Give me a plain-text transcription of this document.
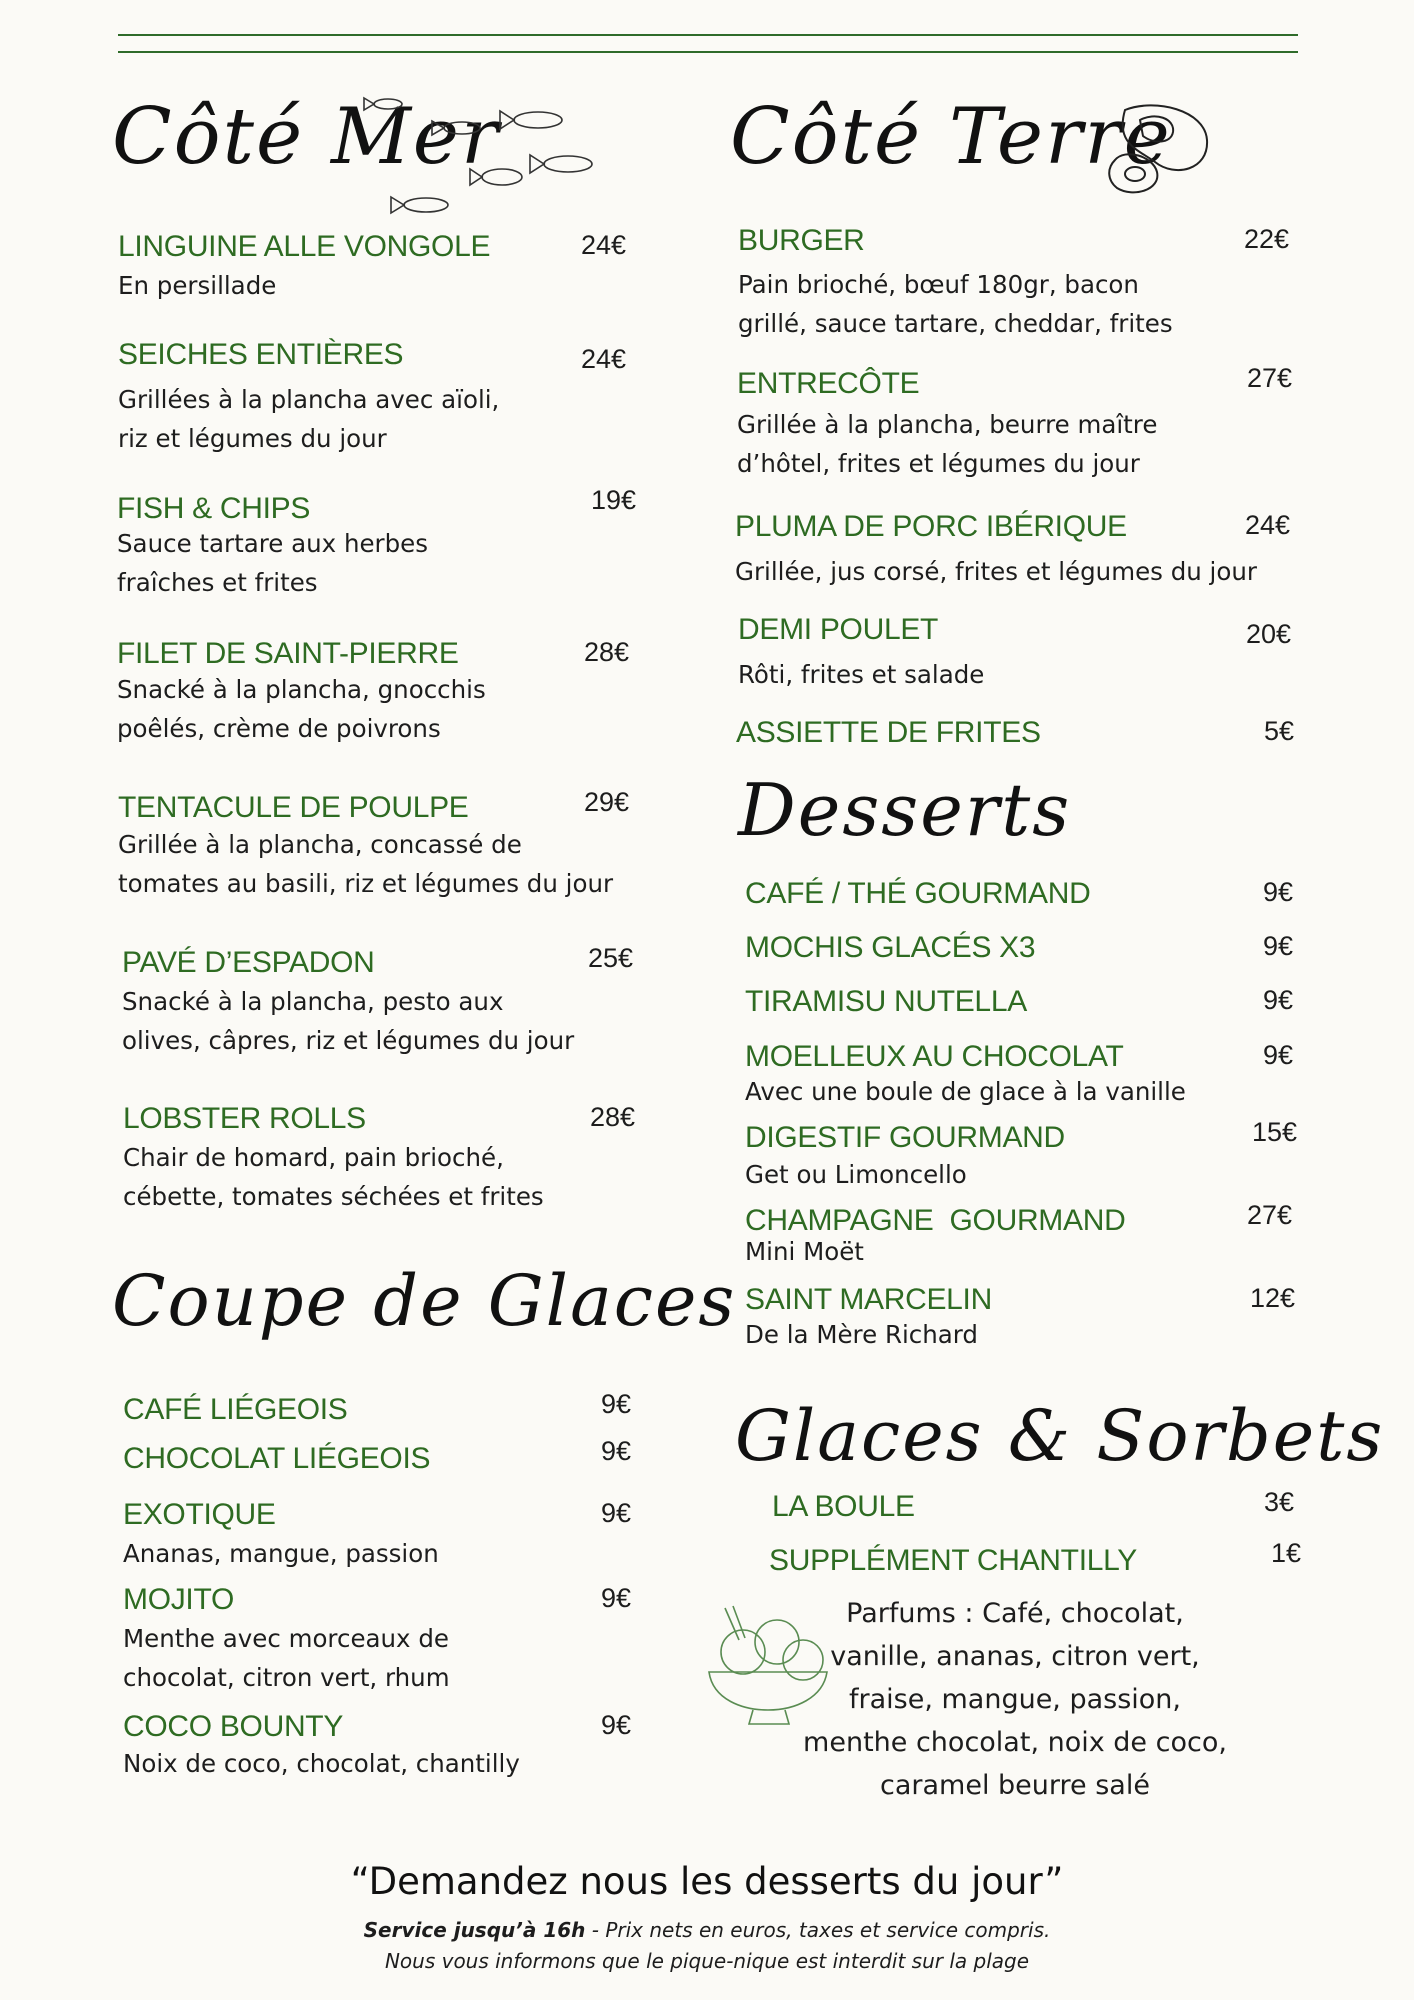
Côté Mer	Côté Terre
Desserts
Coupe de Glaces
Glaces & Sorbets
LINGUINE ALLE VONGOLE	24€
En persillade
SEICHES ENTIÈRES	24€
Grillées à la plancha avec aïoli,
riz et légumes du jour
FISH & CHIPS	19€
Sauce tartare aux herbes
fraîches et frites
FILET DE SAINT-PIERRE	28€
Snacké à la plancha, gnocchis
poêlés, crème de poivrons
TENTACULE DE POULPE	29€
Grillée à la plancha, concassé de
tomates au basili, riz et légumes du jour
PAVÉ D’ESPADON	25€
Snacké à la plancha, pesto aux
olives, câpres, riz et légumes du jour
LOBSTER ROLLS	28€
Chair de homard, pain brioché,
cébette, tomates séchées et frites
CAFÉ LIÉGEOIS	9€
CHOCOLAT LIÉGEOIS	9€
EXOTIQUE	9€
Ananas, mangue, passion
MOJITO	9€
Menthe avec morceaux de
chocolat, citron vert, rhum
COCO BOUNTY	9€
Noix de coco, chocolat, chantilly
BURGER	22€
Pain brioché, bœuf 180gr, bacon
grillé, sauce tartare, cheddar, frites
ENTRECÔTE	27€
Grillée à la plancha, beurre maître
d’hôtel, frites et légumes du jour
PLUMA DE PORC IBÉRIQUE	24€
Grillée, jus corsé, frites et légumes du jour
DEMI POULET	20€
Rôti, frites et salade
ASSIETTE DE FRITES	5€
CAFÉ / THÉ GOURMAND	9€
MOCHIS GLACÉS X3	9€
TIRAMISU NUTELLA	9€
MOELLEUX AU CHOCOLAT	9€
Avec une boule de glace à la vanille
DIGESTIF GOURMAND	15€
Get ou Limoncello
CHAMPAGNE  GOURMAND	27€
Mini Moët
SAINT MARCELIN	12€
De la Mère Richard
LA BOULE	3€
SUPPLÉMENT CHANTILLY	1€
Parfums : Café, chocolat,
vanille, ananas, citron vert,
fraise, mangue, passion,
menthe chocolat, noix de coco,
caramel beurre salé
“Demandez nous les desserts du jour”
Service jusqu’à 16h - Prix nets en euros, taxes et service compris.
Nous vous informons que le pique-nique est interdit sur la plage
